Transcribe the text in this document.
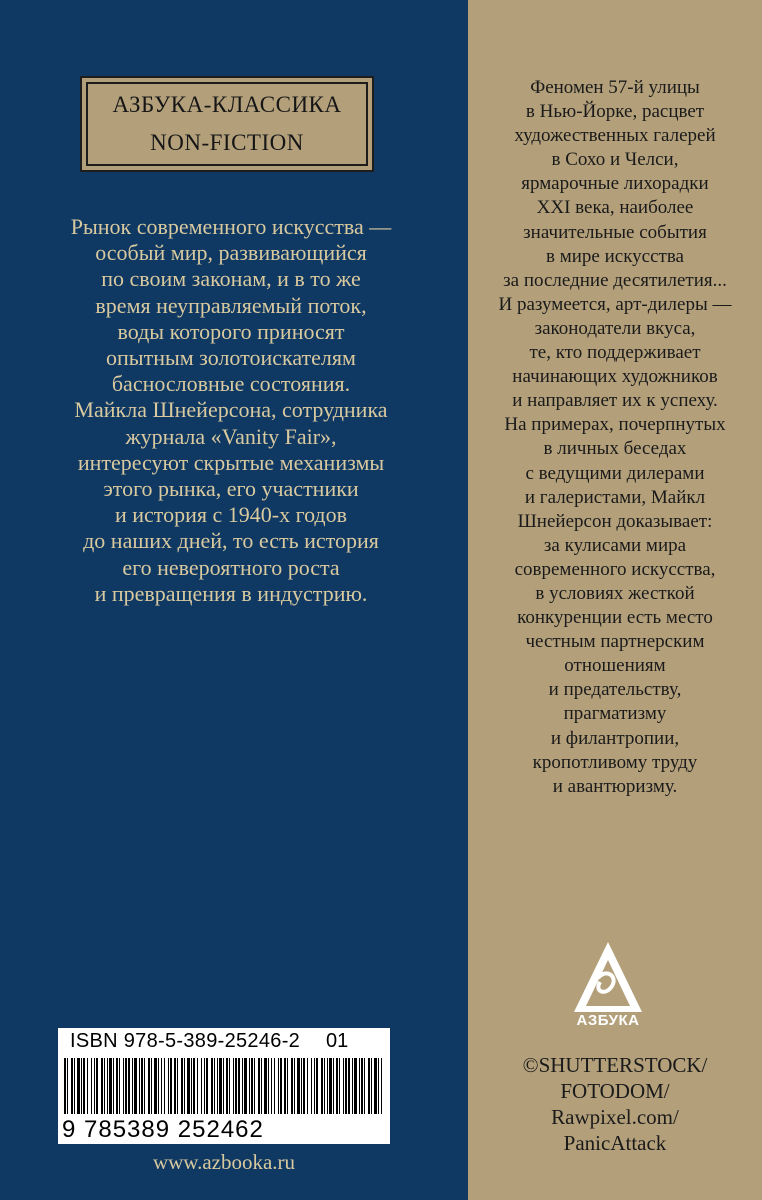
АЗБУКА-КЛАССИКА
NON-FICTION
Рынок современного искусства —
особый мир, развивающийся
по своим законам, и в то же
время неуправляемый поток,
воды которого приносят
опытным золотоискателям
баснословные состояния.
Майкла Шнейерсона, сотрудника
журнала «Vanity Fair»,
интересуют скрытые механизмы
этого рынка, его участники
и история с 1940-х годов
до наших дней, то есть история
его невероятного роста
и превращения в индустрию.
ISBN 978-5-389-25246-2 01
9 785389 252462
www.azbooka.ru
Феномен 57-й улицы
в Нью-Йорке, расцвет
художественных галерей
в Сохо и Челси,
ярмарочные лихорадки
XXI века, наиболее
значительные события
в мире искусства
за последние десятилетия...
И разумеется, арт-дилеры —
законодатели вкуса,
те, кто поддерживает
начинающих художников
и направляет их к успеху.
На примерах, почерпнутых
в личных беседах
с ведущими дилерами
и галеристами, Майкл
Шнейерсон доказывает:
за кулисами мира
современного искусства,
в условиях жесткой
конкуренции есть место
честным партнерским
отношениям
и предательству,
прагматизму
и филантропии,
кропотливому труду
и авантюризму.
АЗБУКА
©SHUTTERSTOCK/
FOTODOM/
Rawpixel.com/
PanicAttack
